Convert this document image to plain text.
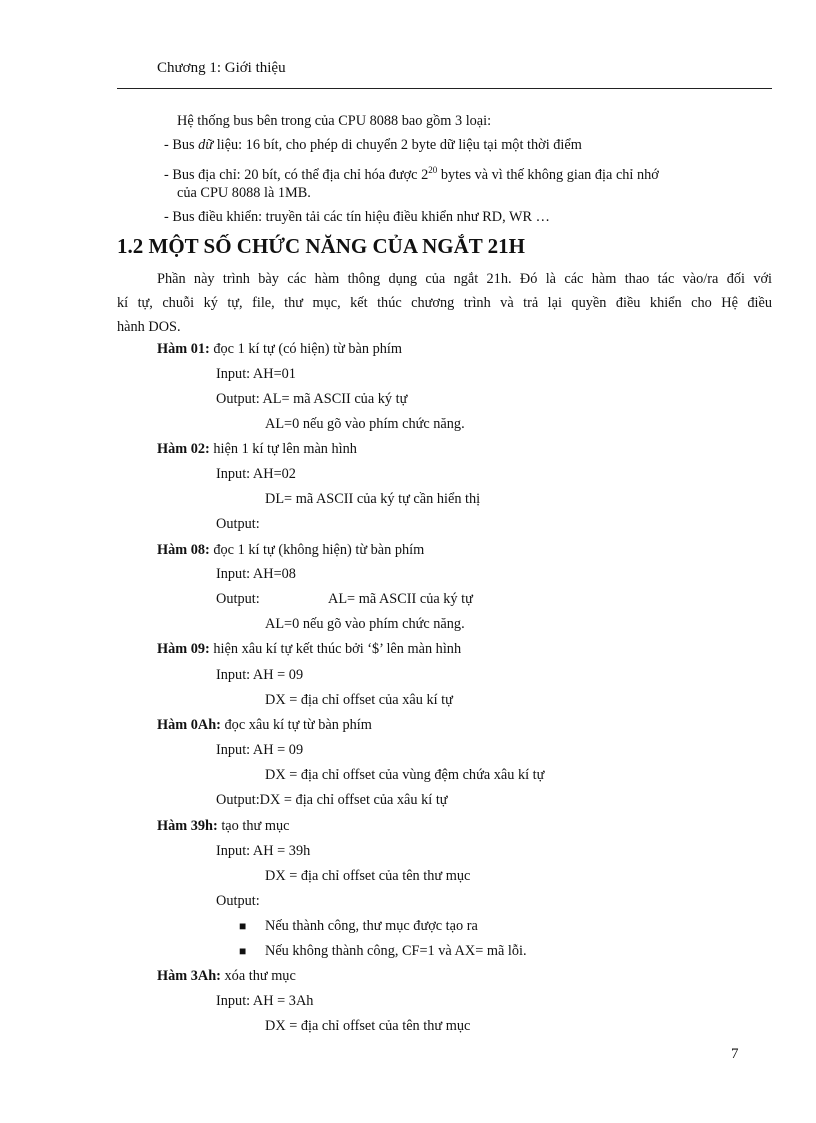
Chương 1: Giới thiệu
Hệ thống bus bên trong của CPU 8088 bao gồm 3 loại:
- Bus dữ liệu: 16 bít, cho phép di chuyển 2 byte dữ liệu tại một thời điểm
- Bus địa chỉ: 20 bít, có thể địa chỉ hóa được $2^{20}$ bytes và vì thế không gian địa chỉ nhớ
của CPU 8088 là 1MB.
- Bus điều khiển: truyền tải các tín hiệu điều khiển như RD, WR …
1.2 MỘT SỐ CHỨC NĂNG CỦA NGẮT 21H
Phần này trình bày các hàm thông dụng của ngắt 21h. Đó là các hàm thao tác vào/ra đối với
kí tự, chuỗi ký tự, file, thư mục, kết thúc chương trình và trả lại quyền điều khiển cho Hệ điều
hành DOS.
Hàm 01: đọc 1 kí tự (có hiện) từ bàn phím
Input: AH=01
Output: AL= mã ASCII của ký tự
AL=0 nếu gõ vào phím chức năng.
Hàm 02: hiện 1 kí tự lên màn hình
Input: AH=02
DL= mã ASCII của ký tự cần hiển thị
Output:
Hàm 08: đọc 1 kí tự (không hiện) từ bàn phím
Input: AH=08
Output:	AL= mã ASCII của ký tự
AL=0 nếu gõ vào phím chức năng.
Hàm 09: hiện xâu kí tự kết thúc bởi ‘$’ lên màn hình
Input: AH = 09
DX = địa chỉ offset của xâu kí tự
Hàm 0Ah: đọc xâu kí tự từ bàn phím
Input: AH = 09
DX = địa chỉ offset của vùng đệm chứa xâu kí tự
Output:DX = địa chỉ offset của xâu kí tự
Hàm 39h: tạo thư mục
Input: AH = 39h
DX = địa chỉ offset của tên thư mục
Output:
■ Nếu thành công, thư mục được tạo ra
■ Nếu không thành công, CF=1 và AX= mã lỗi.
Hàm 3Ah: xóa thư mục
Input: AH = 3Ah
DX = địa chỉ offset của tên thư mục
7
